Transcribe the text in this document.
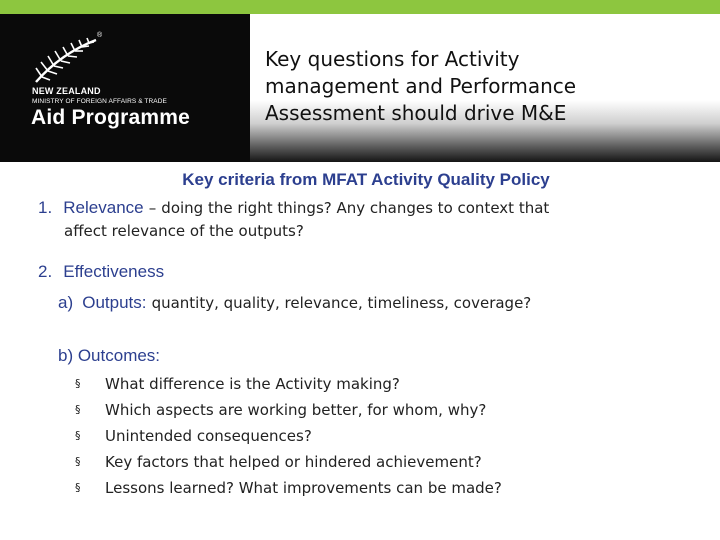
®
NEW ZEALAND
MINISTRY OF FOREIGN AFFAIRS & TRADE
Aid Programme
Key questions for Activity
management and Performance
Assessment should drive M&E
Key criteria from MFAT Activity Quality Policy
1. Relevance – doing the right things? Any changes to context that
affect relevance of the outputs?
2. Effectiveness
a) Outputs: quantity, quality, relevance, timeliness, coverage?
b) Outcomes:
§ What difference is the Activity making?
§ Which aspects are working better, for whom, why?
§ Unintended consequences?
§ Key factors that helped or hindered achievement?
§ Lessons learned? What improvements can be made?
